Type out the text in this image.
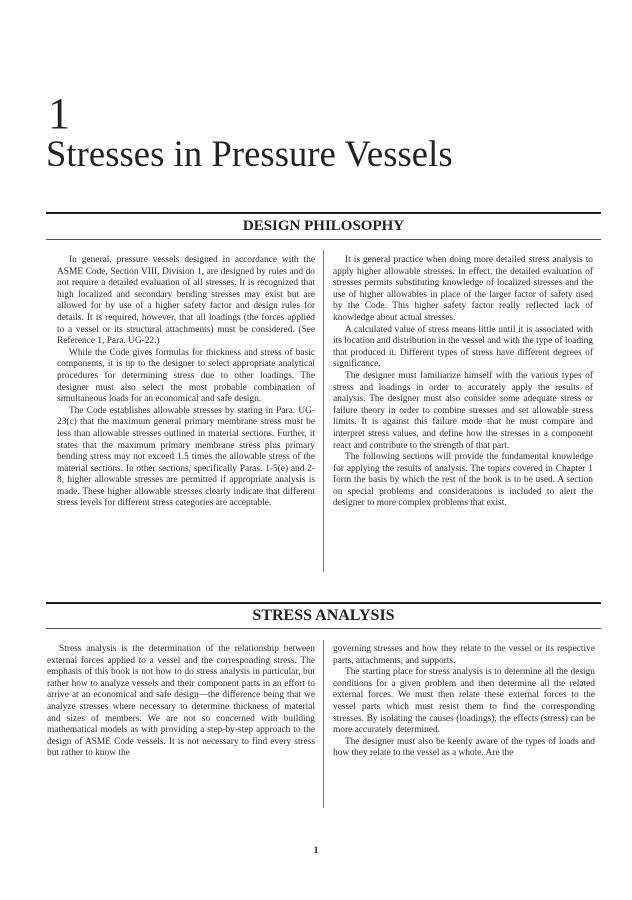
1
Stresses in Pressure Vessels
DESIGN PHILOSOPHY

In general, pressure vessels designed in accordance with the ASME Code, Section VIII, Division 1, are designed by rules and do not require a detailed evaluation of all stresses. It is recognized that high localized and secondary bending stresses may exist but are allowed for by use of a higher safety factor and design rules for details. It is required, however, that all loadings (the forces applied to a vessel or its structural attachments) must be considered. (See Reference 1, Para. UG-22.)

While the Code gives formulas for thickness and stress of basic components, it is up to the designer to select appropriate analytical procedures for determining stress due to other loadings. The designer must also select the most probable combination of simultaneous loads for an economical and safe design.

The Code establishes allowable stresses by stating in Para. UG-23(c) that the maximum general primary membrane stress must be less than allowable stresses outlined in material sections. Further, it states that the maximum primary membrane stress plus primary bending stress may not exceed 1.5 times the allowable stress of the material sections. In other sections, specifically Paras. 1-5(e) and 2-8, higher allowable stresses are permitted if appropriate analysis is made. These higher allowable stresses clearly indicate that different stress levels for different stress categories are acceptable.

It is general practice when doing more detailed stress analysis to apply higher allowable stresses. In effect, the detailed evaluation of stresses permits substituting knowledge of localized stresses and the use of higher allowables in place of the larger factor of safety used by the Code. This higher safety factor really reflected lack of knowledge about actual stresses.

A calculated value of stress means little until it is associated with its location and distribution in the vessel and with the type of loading that produced it. Different types of stress have different degrees of significance.

The designer must familiarize himself with the various types of stress and loadings in order to accurately apply the results of analysis. The designer must also consider some adequate stress or failure theory in order to combine stresses and set allowable stress limits. It is against this failure mode that he must compare and interpret stress values, and define how the stresses in a component react and contribute to the strength of that part.

The following sections will provide the fundamental knowledge for applying the results of analysis. The topics covered in Chapter 1 form the basis by which the rest of the book is to be used. A section on special problems and considerations is included to alert the designer to more complex problems that exist.

STRESS ANALYSIS

Stress analysis is the determination of the relationship between external forces applied to a vessel and the corresponding stress. The emphasis of this book is not how to do stress analysis in particular, but rather how to analyze vessels and their component parts in an effort to arrive at an economical and safe design—the difference being that we analyze stresses where necessary to determine thickness of material and sizes of members. We are not so concerned with building mathematical models as with providing a step-by-step approach to the design of ASME Code vessels. It is not necessary to find every stress but rather to know the

governing stresses and how they relate to the vessel or its respective parts, attachments, and supports.

The starting place for stress analysis is to determine all the design conditions for a given problem and then determine all the related external forces. We must then relate these external forces to the vessel parts which must resist them to find the corresponding stresses. By isolating the causes (loadings), the effects (stress) can be more accurately determined.

The designer must also be keenly aware of the types of loads and how they relate to the vessel as a whole. Are the

1
